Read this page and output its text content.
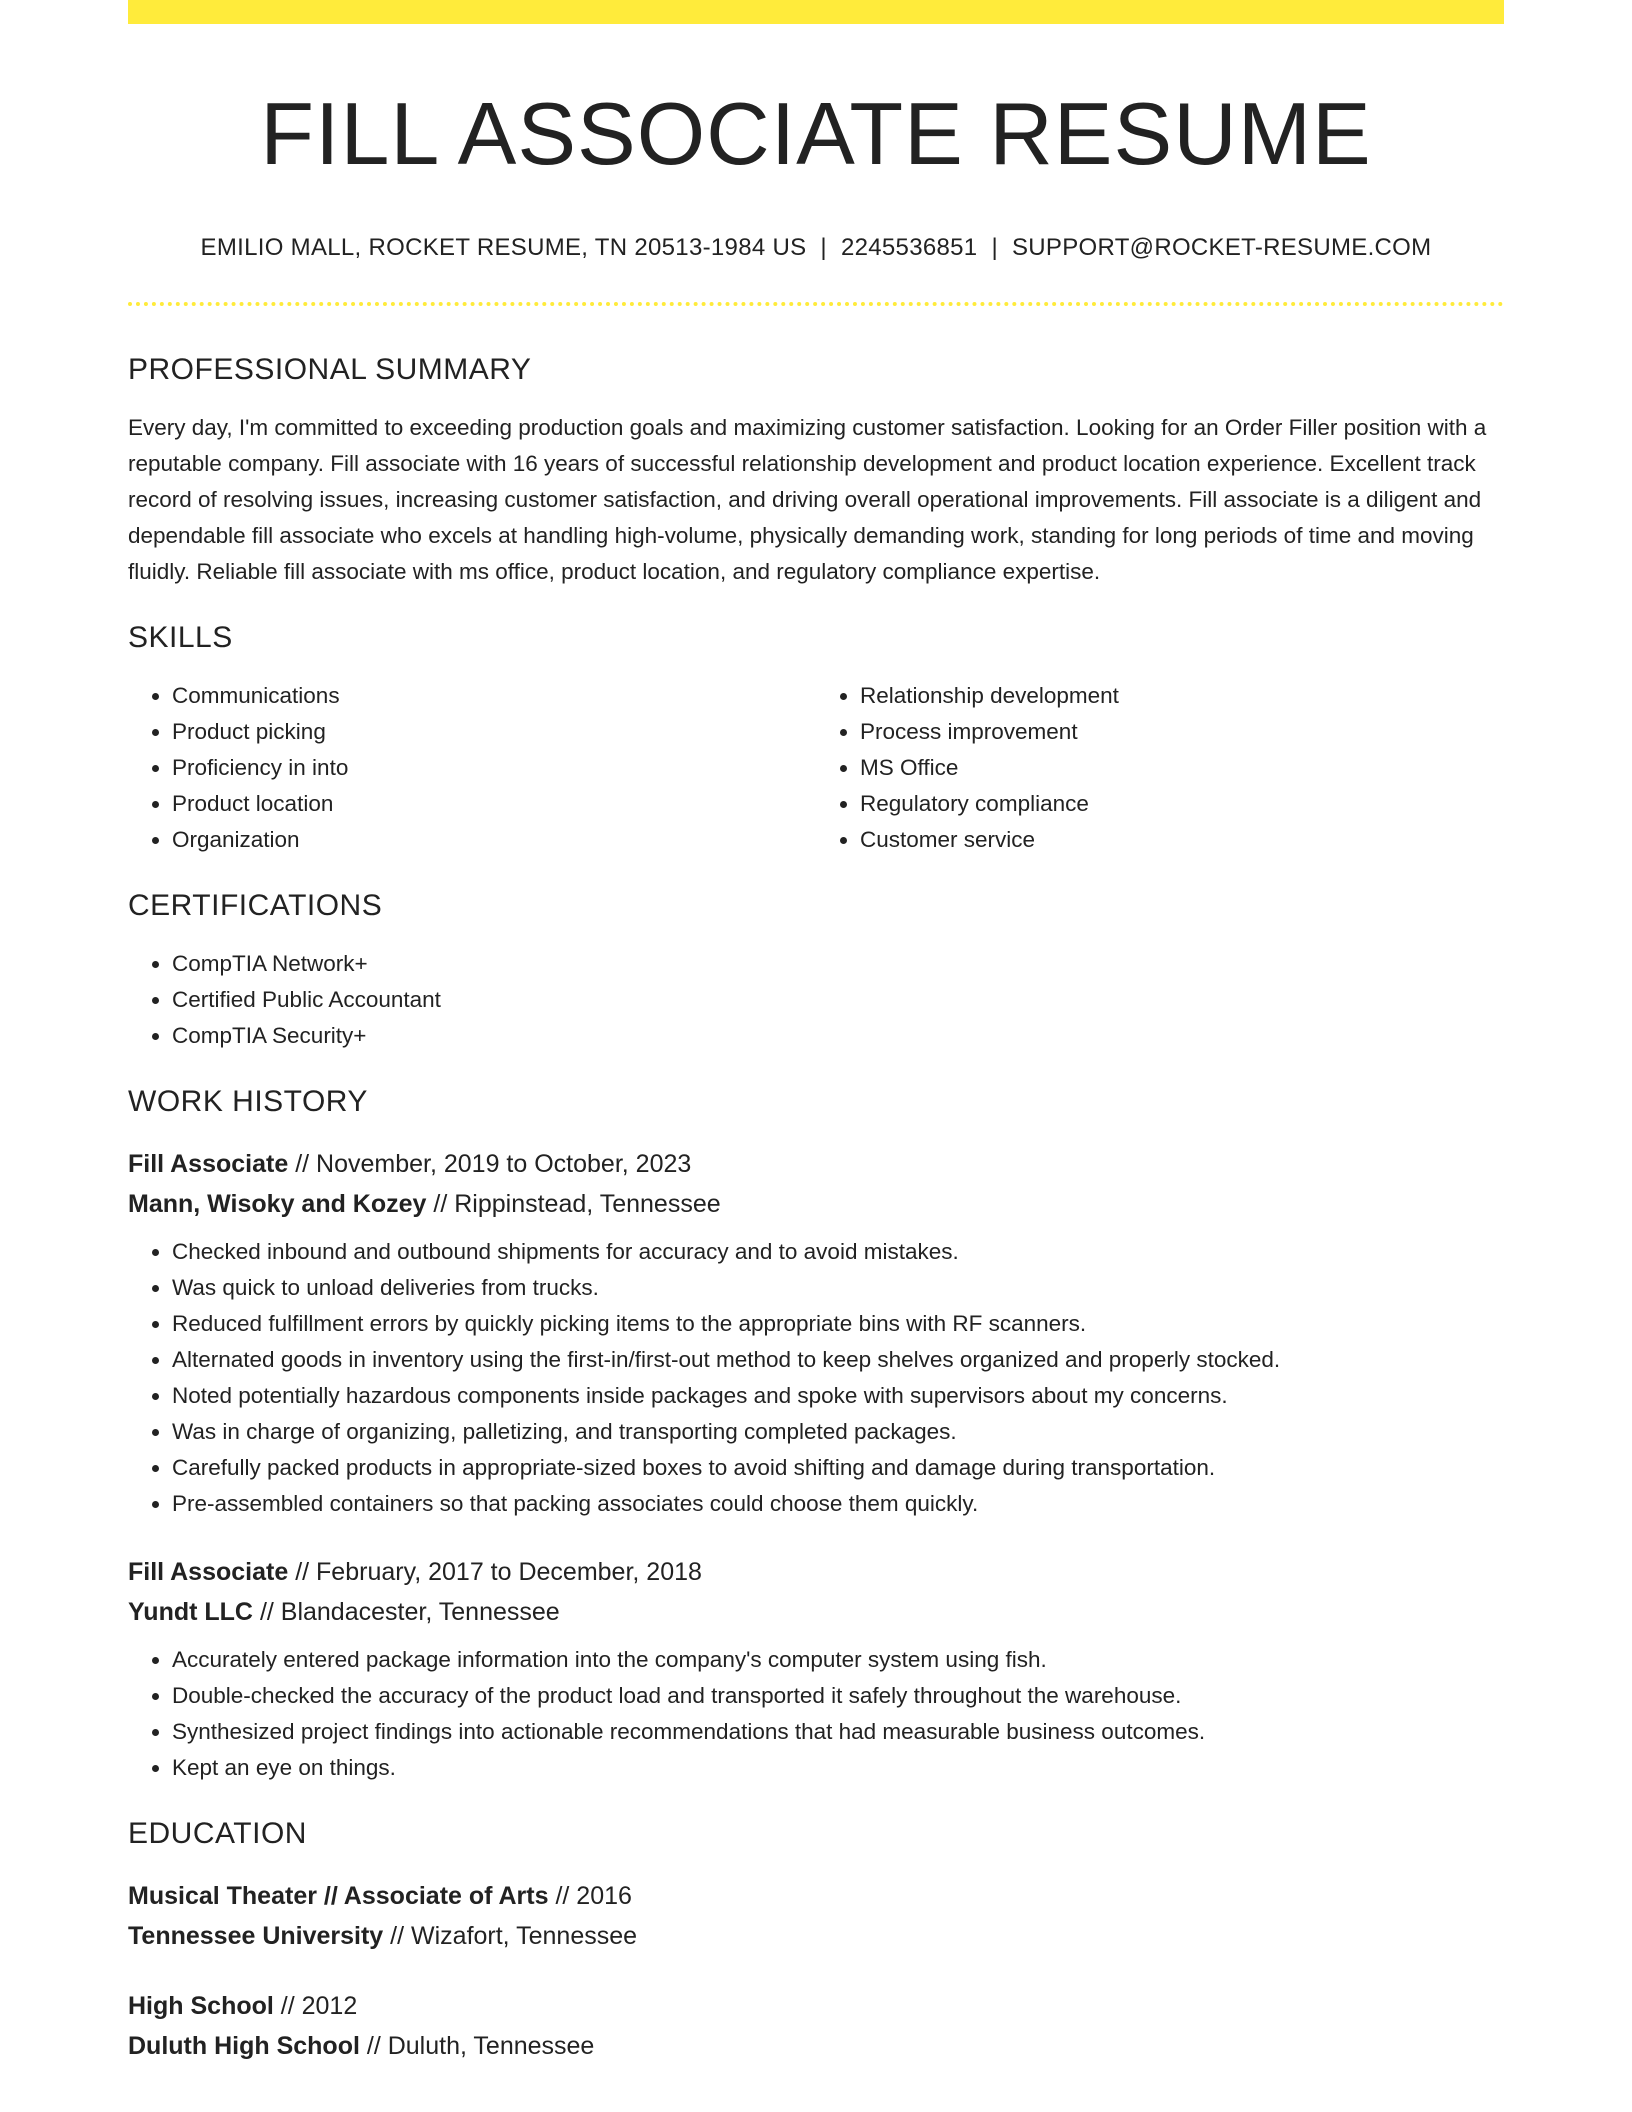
FILL ASSOCIATE RESUME
EMILIO MALL, ROCKET RESUME, TN 20513-1984 US | 2245536851 | SUPPORT@ROCKET-RESUME.COM
PROFESSIONAL SUMMARY

Every day, I'm committed to exceeding production goals and maximizing customer satisfaction. Looking for an Order Filler position with a reputable company. Fill associate with 16 years of successful relationship development and product location experience. Excellent track record of resolving issues, increasing customer satisfaction, and driving overall operational improvements. Fill associate is a diligent and dependable fill associate who excels at handling high-volume, physically demanding work, standing for long periods of time and moving fluidly. Reliable fill associate with ms office, product location, and regulatory compliance expertise.

SKILLS
• Communications
• Product picking
• Proficiency in into
• Product location
• Organization
• Relationship development
• Process improvement
• MS Office
• Regulatory compliance
• Customer service
CERTIFICATIONS
• CompTIA Network+
• Certified Public Accountant
• CompTIA Security+
WORK HISTORY
Fill Associate // November, 2019 to October, 2023
Mann, Wisoky and Kozey // Rippinstead, Tennessee
• Checked inbound and outbound shipments for accuracy and to avoid mistakes.
• Was quick to unload deliveries from trucks.
• Reduced fulfillment errors by quickly picking items to the appropriate bins with RF scanners.
• Alternated goods in inventory using the first-in/first-out method to keep shelves organized and properly stocked.
• Noted potentially hazardous components inside packages and spoke with supervisors about my concerns.
• Was in charge of organizing, palletizing, and transporting completed packages.
• Carefully packed products in appropriate-sized boxes to avoid shifting and damage during transportation.
• Pre-assembled containers so that packing associates could choose them quickly.
Fill Associate // February, 2017 to December, 2018
Yundt LLC // Blandacester, Tennessee
• Accurately entered package information into the company's computer system using fish.
• Double-checked the accuracy of the product load and transported it safely throughout the warehouse.
• Synthesized project findings into actionable recommendations that had measurable business outcomes.
• Kept an eye on things.
EDUCATION
Musical Theater // Associate of Arts // 2016
Tennessee University // Wizafort, Tennessee
High School // 2012
Duluth High School // Duluth, Tennessee
